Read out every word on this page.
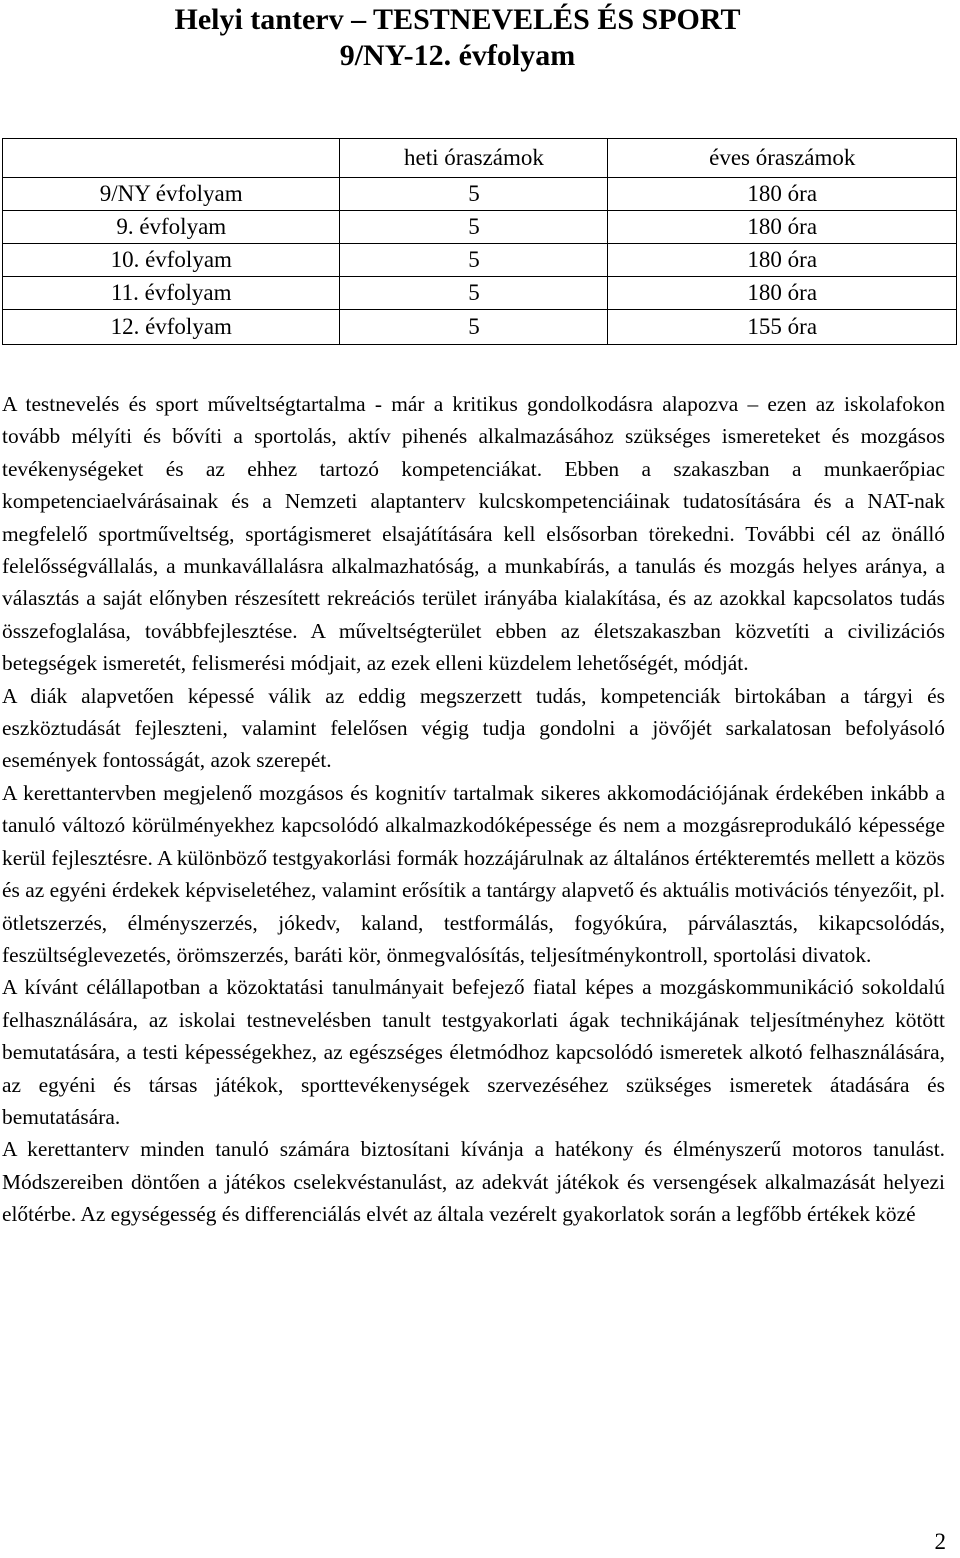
Helyi tanterv – TESTNEVELÉS ÉS SPORT
9/NY-12. évfolyam
	heti óraszámok	éves óraszámok
9/NY évfolyam	5	180 óra
9. évfolyam	5	180 óra
10. évfolyam	5	180 óra
11. évfolyam	5	180 óra
12. évfolyam	5	155 óra

A testnevelés és sport műveltségtartalma - már a kritikus gondolkodásra alapozva – ezen az iskolafokon tovább mélyíti és bővíti a sportolás, aktív pihenés alkalmazásához szükséges ismereteket és mozgásos tevékenységeket és az ehhez tartozó kompetenciákat. Ebben a szakaszban a munkaerőpiac kompetenciaelvárásainak és a Nemzeti alaptanterv kulcskompetenciáinak tudatosítására és a NAT-nak megfelelő sportműveltség, sportágismeret elsajátítására kell elsősorban törekedni. További cél az önálló felelősségvállalás, a munkavállalásra alkalmazhatóság, a munkabírás, a tanulás és mozgás helyes aránya, a választás a saját előnyben részesített rekreációs terület irányába kialakítása, és az azokkal kapcsolatos tudás összefoglalása, továbbfejlesztése. A műveltségterület ebben az életszakaszban közvetíti a civilizációs betegségek ismeretét, felismerési módjait, az ezek elleni küzdelem lehetőségét, módját.

A diák alapvetően képessé válik az eddig megszerzett tudás, kompetenciák birtokában a tárgyi és eszköztudását fejleszteni, valamint felelősen végig tudja gondolni a jövőjét sarkalatosan befolyásoló események fontosságát, azok szerepét.

A kerettantervben megjelenő mozgásos és kognitív tartalmak sikeres akkomodációjának érdekében inkább a tanuló változó körülményekhez kapcsolódó alkalmazkodóképessége és nem a mozgásreprodukáló képessége kerül fejlesztésre. A különböző testgyakorlási formák hozzájárulnak az általános értékteremtés mellett a közös és az egyéni érdekek képviseletéhez, valamint erősítik a tantárgy alapvető és aktuális motivációs tényezőit, pl. ötletszerzés, élményszerzés, jókedv, kaland, testformálás, fogyókúra, párválasztás, kikapcsolódás, feszültséglevezetés, örömszerzés, baráti kör, önmegvalósítás, teljesítménykontroll, sportolási divatok.

A kívánt célállapotban a közoktatási tanulmányait befejező fiatal képes a mozgáskommunikáció sokoldalú felhasználására, az iskolai testnevelésben tanult testgyakorlati ágak technikájának teljesítményhez kötött bemutatására, a testi képességekhez, az egészséges életmódhoz kapcsolódó ismeretek alkotó felhasználására, az egyéni és társas játékok, sporttevékenységek szervezéséhez szükséges ismeretek átadására és bemutatására.

A kerettanterv minden tanuló számára biztosítani kívánja a hatékony és élményszerű motoros tanulást. Módszereiben döntően a játékos cselekvéstanulást, az adekvát játékok és versengések alkalmazását helyezi előtérbe. Az egységesség és differenciálás elvét az általa vezérelt gyakorlatok során a legfőbb értékek közé

2
